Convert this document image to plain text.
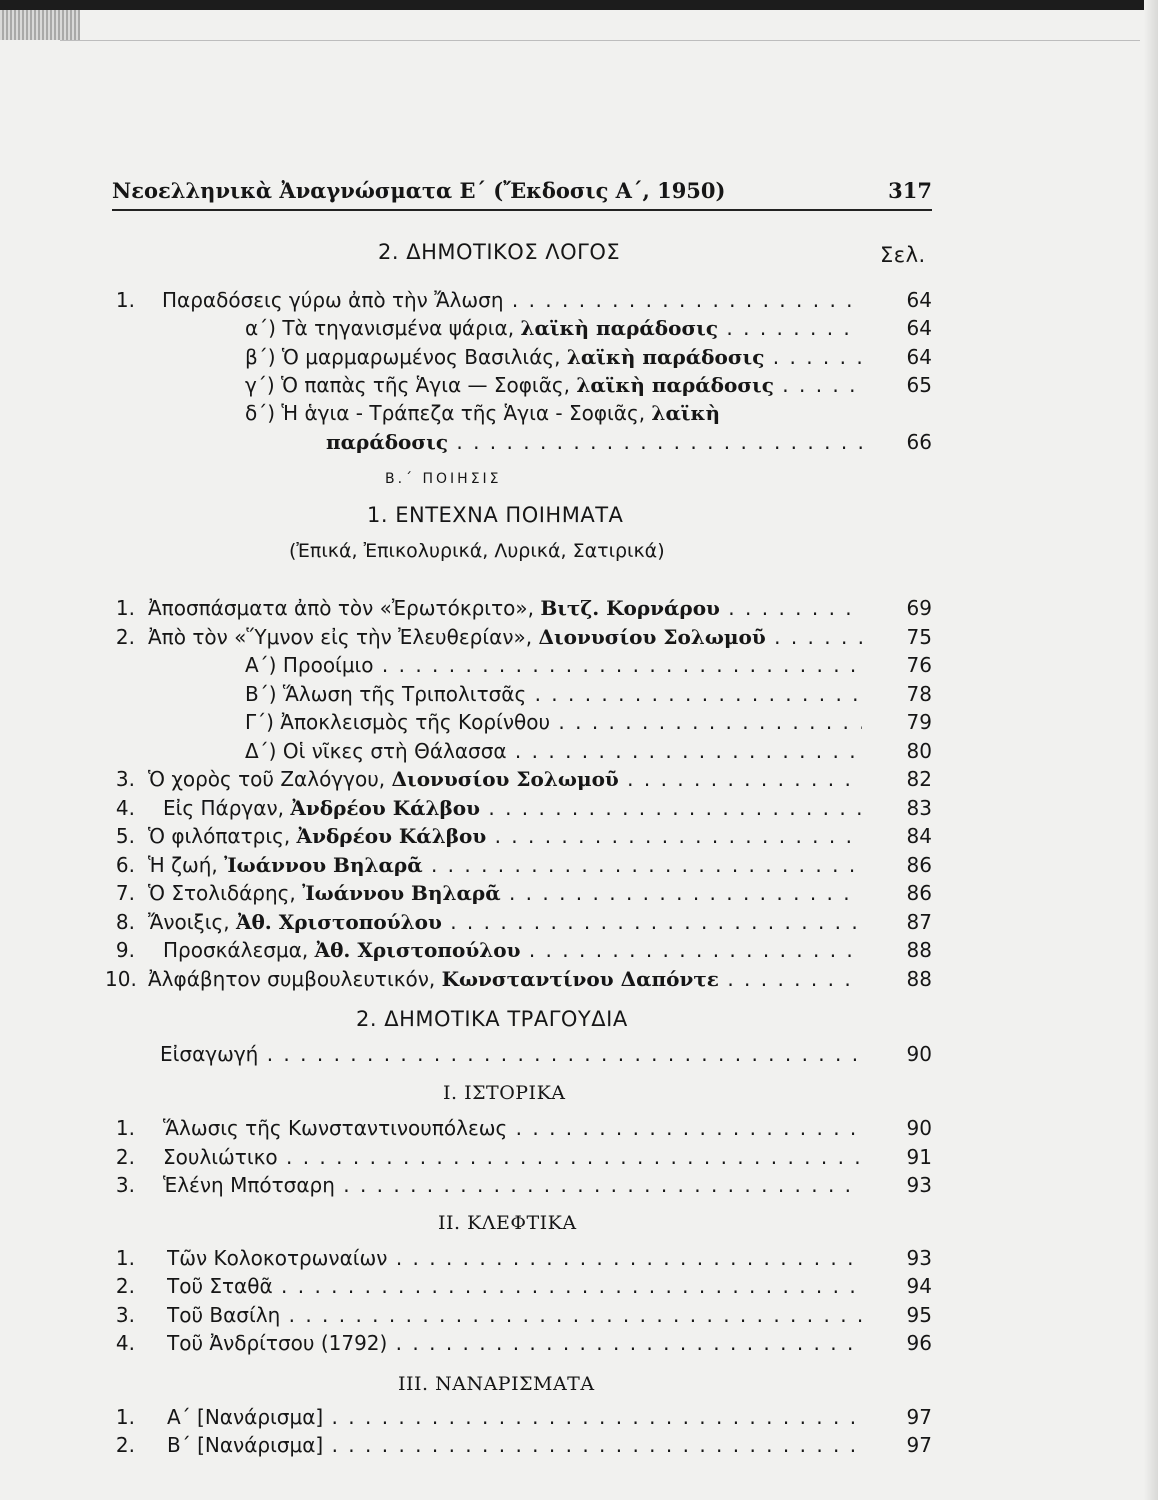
Νεοελληνικὰ Ἀναγνώσματα Ε΄ (Ἔκδοσις Α΄, 1950)	317
2. ΔΗΜΟΤΙΚΟΣ ΛΟΓΟΣ	Σελ.
1. Παραδόσεις γύρω ἀπὸ τὴν Ἄλωση . . .	64
α΄) Τὰ τηγανισμένα ψάρια, λαϊκὴ παράδοσις . . .	64
β΄) Ὁ μαρμαρωμένος Βασιλιάς, λαϊκὴ παράδοσις . . .	64
γ΄) Ὁ παπὰς τῆς Ἁγια — Σοφιᾶς, λαϊκὴ παράδοσις . . .	65
δ΄) Ἡ ἁγια - Τράπεζα τῆς Ἁγια - Σοφιᾶς, λαϊκὴ
παράδοσις . . .	66
Β.΄ ΠΟΙΗΣΙΣ
1. ΕΝΤΕΧΝΑ ΠΟΙΗΜΑΤΑ
(Ἐπικά, Ἐπικολυρικά, Λυρικά, Σατιρικά)
1. Ἀποσπάσματα ἀπὸ τὸν «Ἐρωτόκριτο», Βιτζ. Κορνάρου . . .	69
2. Ἀπὸ τὸν «Ὕμνον εἰς τὴν Ἐλευθερίαν», Διονυσίου Σολωμοῦ . . .	75
Α΄) Προοίμιο . . .	76
Β΄) Ἅλωση τῆς Τριπολιτσᾶς . . .	78
Γ΄) Ἀποκλεισμὸς τῆς Κορίνθου . . .	79
Δ΄) Οἱ νῖκες στὴ Θάλασσα . . .	80
3. Ὁ χορὸς τοῦ Ζαλόγγου, Διονυσίου Σολωμοῦ . . .	82
4. Εἰς Πάργαν, Ἀνδρέου Κάλβου . . .	83
5. Ὁ φιλόπατρις, Ἀνδρέου Κάλβου . . .	84
6. Ἡ ζωή, Ἰωάννου Βηλαρᾶ . . .	86
7. Ὁ Στολιδάρης, Ἰωάννου Βηλαρᾶ . . .	86
8. Ἄνοιξις, Ἀθ. Χριστοπούλου . . .	87
9. Προσκάλεσμα, Ἀθ. Χριστοπούλου . . .	88
10. Ἀλφάβητον συμβουλευτικόν, Κωνσταντίνου Δαπόντε . . .	88
2. ΔΗΜΟΤΙΚΑ ΤΡΑΓΟΥΔΙΑ
Εἰσαγωγή . . .	90
I. ΙΣΤΟΡΙΚΑ
1. Ἅλωσις τῆς Κωνσταντινουπόλεως . . .	90
2. Σουλιώτικο . . .	91
3. Ἑλένη Μπότσαρη . . .	93
II. ΚΛΕΦΤΙΚΑ
1. Τῶν Κολοκοτρωναίων . . .	93
2. Τοῦ Σταθᾶ . . .	94
3. Τοῦ Βασίλη . . .	95
4. Τοῦ Ἀνδρίτσου (1792) . . .	96
III. ΝΑΝΑΡΙΣΜΑΤΑ
1. Α΄ [Νανάρισμα] . . .	97
2. Β΄ [Νανάρισμα] . . .	97
